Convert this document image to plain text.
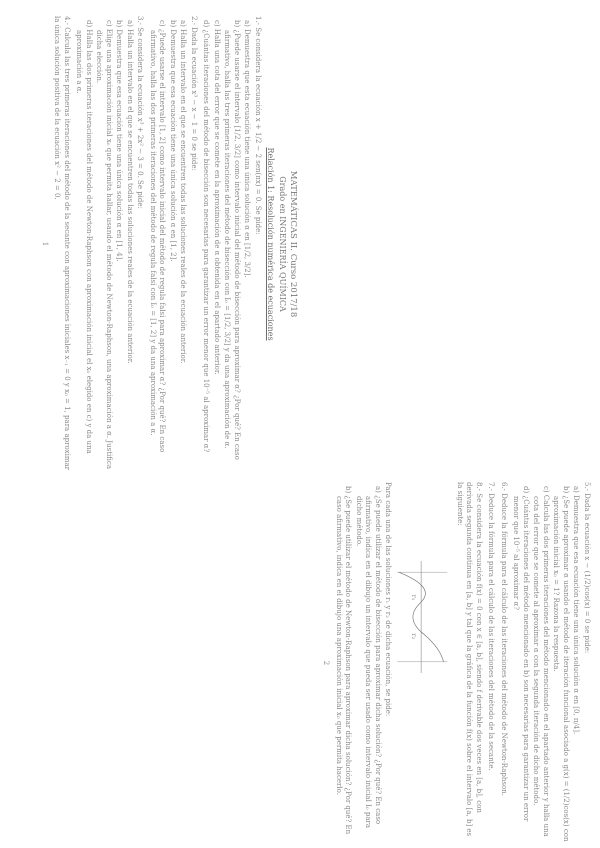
MATEMÁTICAS II. Curso 2017/18
Grado en INGENIERÍA QUÍMICA
Relación 1: Resolución numérica de ecuaciones
1.- Se considera la ecuación x + 1/2 − 2 sen(πx) = 0. Se pide:
a) Demuestra que esta ecuación tiene una única solución α en [1/2, 3/2].
b) ¿Puede usarse el intervalo [1/2, 3/2] como intervalo inicial del método de bisección para aproximar α? ¿Por qué? En caso afirmativo, halla las tres primeras iteraciones del método de bisección con I₀ = [1/2, 3/2] y da una aproximación de α.
c) Halla una cota del error que se comete en la aproximación de α obtenida en el apartado anterior.
d) ¿Cuántas iteraciones del método de bisección son necesarias para garantizar un error menor que 10⁻⁵ al aproximar α?
2.- Dada la ecuación x³ − x − 1 = 0 se pide:
a) Halla un intervalo en el que se encuentren todas las soluciones reales de la ecuación anterior.
b) Demuestra que esa ecuación tiene una única solución α en [1, 2].
c) ¿Puede usarse el intervalo [1, 2] como intervalo inicial del método de regula falsi para aproximar α? ¿Por qué? En caso afirmativo, halla las dos primeras iteraciones del método de regula falsi con I₀ = [1, 2] y da una aproximación a α.
3.- Se considera la ecuación x³ + 2x² − 3 = 0. Se pide:
a) Halla un intervalo en el que se encuentren todas las soluciones reales de la ecuación anterior.
b) Demuestra que esa ecuación tiene una única solución α en [1, 4].
c) Elige una aproximación inicial x₀ que permita hallar, usando el método de Newton-Raphson, una aproximación a α. Justifica dicha elección.
d) Halla las dos primeras iteraciones del método de Newton-Raphson con aproximación inicial el x₀ elegido en c) y da una aproximación a α.
4.- Calcula las tres primeras iteraciones del método de la secante con aproximaciones iniciales x₋₁ = 0 y x₀ = 1, para aproximar la única solución positiva de la ecuación x² − 2 = 0.
1
5.- Dada la ecuación x − (1/2)cos(x) = 0 se pide:
a) Demuestra que esa ecuación tiene una única solución α en [0, π/4].
b) ¿Se puede aproximar α usando el método de iteración funcional asociado a g(x) = (1/2)cos(x) con aproximación inicial x₀ = 1? Razona la respuesta.
c) Calcula las dos primeras iteraciones del método mencionado en el apartado anterior y halla una cota del error que se comete al aproximar α con la segunda iteración de dicho método.
d) ¿Cuántas iteraciones del método mencionado en b) son necesarias para garantizar un error menor que 10⁻⁵ al aproximar α?
6.- Deduce la fórmula para el cálculo de las iteraciones del método de Newton-Raphson.
7.- Deduce la fórmula para el cálculo de las iteraciones del método de la secante.
8.- Se considera la ecuación f(x) = 0 con x ∈ [a, b], siendo f derivable dos veces en [a, b], con derivada segunda continua en [a, b] y tal que la gráfica de la función f(x) sobre el intervalo [a, b] es la siguiente:
r₁
r₂
Para cada una de las soluciones r₁ y r₂ de dicha ecuación, se pide:
a) ¿Se puede utilizar el método de bisección para aproximar dicha solución? ¿Por qué? En caso afirmativo, indica en el dibujo un intervalo que pueda ser usado como intervalo inicial I₀ para dicho método.
b) ¿Se puede utilizar el método de Newton-Raphson para aproximar dicha solución? ¿Por qué? En caso afirmativo, indica en el dibujo una aproximación inicial x₀ que permita hacerlo.
2
